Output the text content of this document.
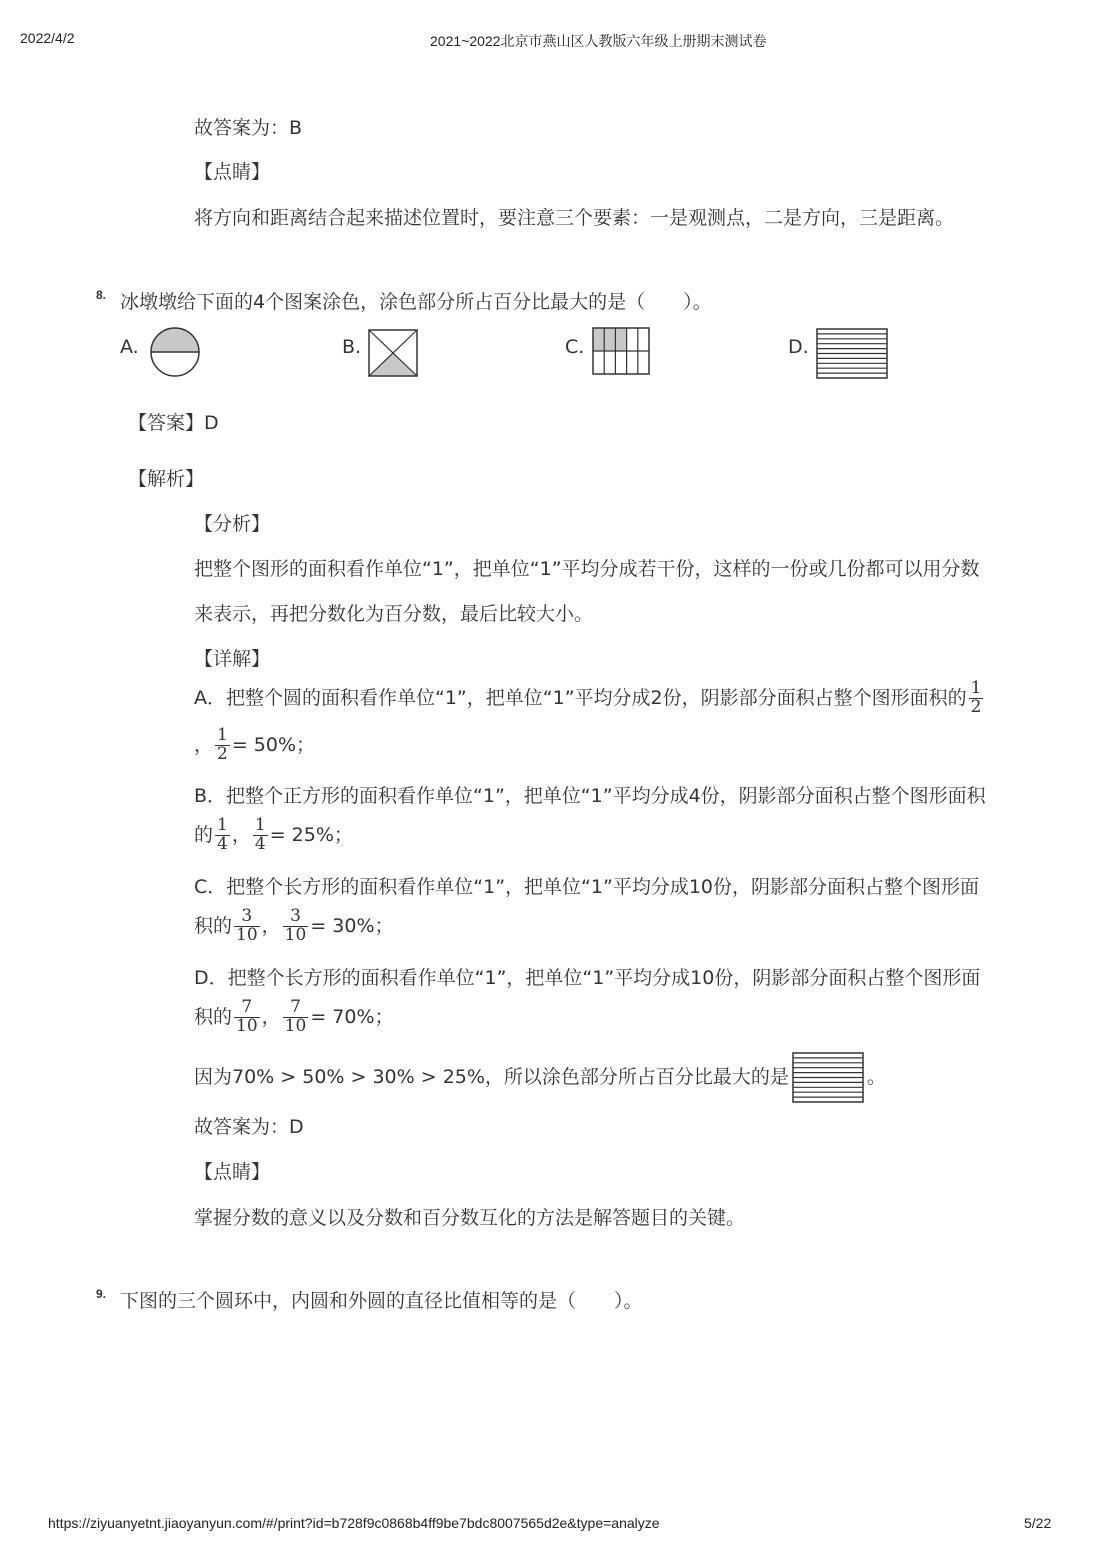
2022/4/2	2021~2022北京市燕山区人教版六年级上册期末测试卷
故答案为：B
【点睛】
将方向和距离结合起来描述位置时，要注意三个要素：一是观测点，二是方向，三是距离。
8. 冰墩墩给下面的4个图案涂色，涂色部分所占百分比最大的是（　　）。
A.	B.	C.	D.
【答案】D
【解析】
【分析】
把整个图形的面积看作单位“1”，把单位“1”平均分成若干份，这样的一份或几份都可以用分数
来表示，再把分数化为百分数，最后比较大小。
【详解】
A．把整个圆的面积看作单位“1”，把单位“1”平均分成2份，阴影部分面积占整个图形面积的 $\frac{1}{2}$
， $\frac{1}{2} = 50\%$；
B．把整个正方形的面积看作单位“1”，把单位“1”平均分成4份，阴影部分面积占整个图形面积
的 $\frac{1}{4}$ ， $\frac{1}{4} = 25\%$；
C．把整个长方形的面积看作单位“1”，把单位“1”平均分成10份，阴影部分面积占整个图形面
积的 $\frac{3}{10}$ ， $\frac{3}{10} = 30\%$；
D．把整个长方形的面积看作单位“1”，把单位“1”平均分成10份，阴影部分面积占整个图形面
积的 $\frac{7}{10}$ ， $\frac{7}{10} = 70\%$；
因为70% > 50% > 30% > 25%，所以涂色部分所占百分比最大的是	。
故答案为：D
【点睛】
掌握分数的意义以及分数和百分数互化的方法是解答题目的关键。
9. 下图的三个圆环中，内圆和外圆的直径比值相等的是（　　）。
https://ziyuanyetnt.jiaoyanyun.com/#/print?id=b728f9c0868b4ff9be7bdc8007565d2e&type=analyze	5/22
